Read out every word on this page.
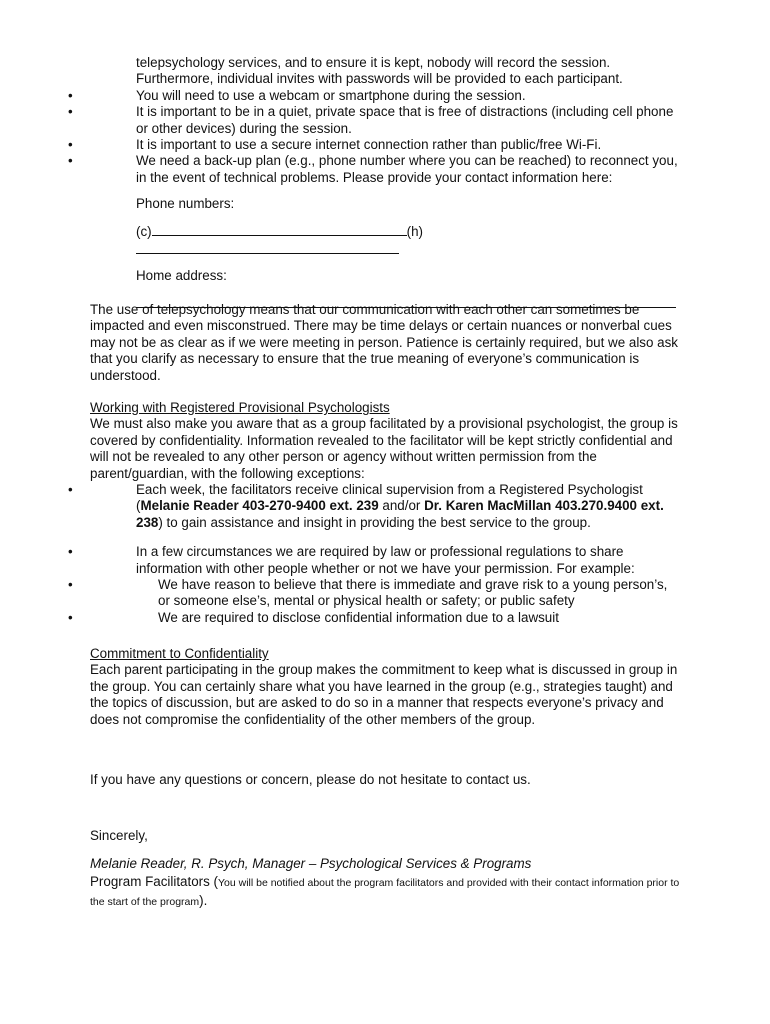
telepsychology services, and to ensure it is kept, nobody will record the session. Furthermore, individual invites with passwords will be provided to each participant.
• You will need to use a webcam or smartphone during the session.
• It is important to be in a quiet, private space that is free of distractions (including cell phone or other devices) during the session.
• It is important to use a secure internet connection rather than public/free Wi-Fi.
• We need a back-up plan (e.g., phone number where you can be reached) to reconnect you, in the event of technical problems. Please provide your contact information here:
Phone numbers:
(c)	(h)
Home address:

The use of telepsychology means that our communication with each other can sometimes be impacted and even misconstrued. There may be time delays or certain nuances or nonverbal cues may not be as clear as if we were meeting in person. Patience is certainly required, but we also ask that you clarify as necessary to ensure that the true meaning of everyone’s communication is understood.

Working with Registered Provisional Psychologists
We must also make you aware that as a group facilitated by a provisional psychologist, the group is covered by confidentiality. Information revealed to the facilitator will be kept strictly confidential and will not be revealed to any other person or agency without written permission from the parent/guardian, with the following exceptions:
• Each week, the facilitators receive clinical supervision from a Registered Psychologist (Melanie Reader 403-270-9400 ext. 239 and/or Dr. Karen MacMillan 403.270.9400 ext. 238) to gain assistance and insight in providing the best service to the group.
• In a few circumstances we are required by law or professional regulations to share information with other people whether or not we have your permission. For example:
• We have reason to believe that there is immediate and grave risk to a young person’s, or someone else’s, mental or physical health or safety; or public safety
• We are required to disclose confidential information due to a lawsuit
Commitment to Confidentiality
Each parent participating in the group makes the commitment to keep what is discussed in group in the group. You can certainly share what you have learned in the group (e.g., strategies taught) and the topics of discussion, but are asked to do so in a manner that respects everyone’s privacy and does not compromise the confidentiality of the other members of the group.

If you have any questions or concern, please do not hesitate to contact us.

Sincerely,

Melanie Reader, R. Psych, Manager – Psychological Services & Programs

Program Facilitators (You will be notified about the program facilitators and provided with their contact information prior to the start of the program).
